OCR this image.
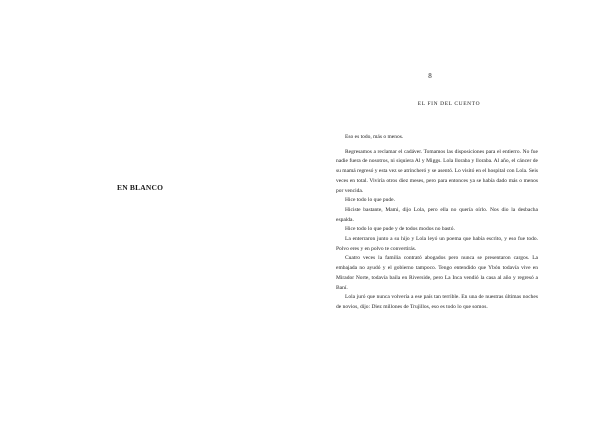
EN BLANCO
8
EL FIN DEL CUENTO

Eso es todo, más o menos.

Regresamos a reclamar el cadáver. Tomamos las disposiciones para el entierro. No fue nadie fuera de nosotros, ni siquiera Al y Miggs. Lola lloraba y lloraba. Al año, el cáncer de su mamá regresó y esta vez se atrincheró y se asentó. Lo visitó en el hospital con Lola. Seis veces en total. Viviría otros diez meses, pero para entonces ya se había dado más o menos por vencida.

Hice todo lo que pude.

Hiciste bastante, Mami, dijo Lola, pero ella no quería oírlo. Nos dio la desbacha espalda.

Hice todo lo que pude y de todos modos no bastó.

La enterraron junto a su hijo y Lola leyó un poema que había escrito, y eso fue todo. Polvo eres y en polvo te convertirás.

Cuatro veces la familia contrató abogados pero nunca se presentaron cargos. La embajada no ayudó y el gobierno tampoco. Tengo entendido que Ybón todavía vive en Mirador Norte, todavía baila en Riverside, pero La Inca vendió la casa al año y regresó a Baní.

Lola juró que nunca volvería a ese país tan terrible. En una de nuestras últimas noches de novios, dijo: Diez millones de Trujillos, eso es todo lo que somos.
